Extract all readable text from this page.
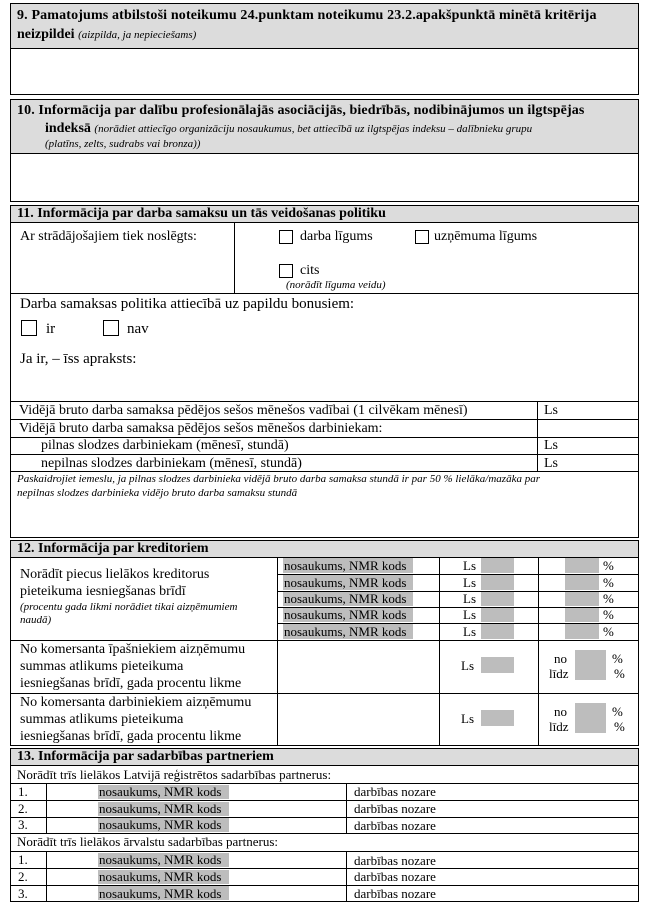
9. Pamatojums atbilstoši noteikumu 24.punktam noteikumu 23.2.apakšpunktā minētā kritērija
neizpildei (aizpilda, ja nepieciešams)
10. Informācija par dalību profesionālajās asociācijās, biedrībās, nodibinājumos un ilgtspējas
indeksā (norādiet attiecīgo organizāciju nosaukumus, bet attiecībā uz ilgtspējas indeksu – dalībnieku grupu
(platīns, zelts, sudrabs vai bronza))
11. Informācija par darba samaksu un tās veidošanas politiku
Ar strādājošajiem tiek noslēgts:	darba līgums	uzņēmuma līgums
cits
(norādīt līguma veidu)
Darba samaksas politika attiecībā uz papildu bonusiem:
ir	nav
Ja ir, – īss apraksts:
Vidējā bruto darba samaksa pēdējos sešos mēnešos vadībai (1 cilvēkam mēnesī)	Ls
Vidējā bruto darba samaksa pēdējos sešos mēnešos darbiniekam:
pilnas slodzes darbiniekam (mēnesī, stundā)	Ls
nepilnas slodzes darbiniekam (mēnesī, stundā)	Ls
Paskaidrojiet iemeslu, ja pilnas slodzes darbinieka vidējā bruto darba samaksa stundā ir par 50 % lielāka/mazāka par
nepilnas slodzes darbinieka vidējo bruto darba samaksu stundā
12. Informācija par kreditoriem
Norādīt piecus lielākos kreditorus
pieteikuma iesniegšanas brīdī
(procentu gada likmi norādiet tikai aizņēmumiem
naudā)
nosaukums, NMR kods	Ls	%
nosaukums, NMR kods	Ls	%
nosaukums, NMR kods	Ls	%
nosaukums, NMR kods	Ls	%
nosaukums, NMR kods	Ls	%
No komersanta īpašniekiem aizņēmumu
summas atlikums pieteikuma
iesniegšanas brīdī, gada procentu likme
Ls	no	%
līdz	%
No komersanta darbiniekiem aizņēmumu
summas atlikums pieteikuma
iesniegšanas brīdī, gada procentu likme
Ls	no	%
līdz	%
13. Informācija par sadarbības partneriem
Norādīt trīs lielākos Latvijā reģistrētos sadarbības partnerus:
1.	nosaukums, NMR kods	darbības nozare
2.	nosaukums, NMR kods	darbības nozare
3.	nosaukums, NMR kods	darbības nozare
Norādīt trīs lielākos ārvalstu sadarbības partnerus:
1.	nosaukums, NMR kods	darbības nozare
2.	nosaukums, NMR kods	darbības nozare
3.	nosaukums, NMR kods	darbības nozare
